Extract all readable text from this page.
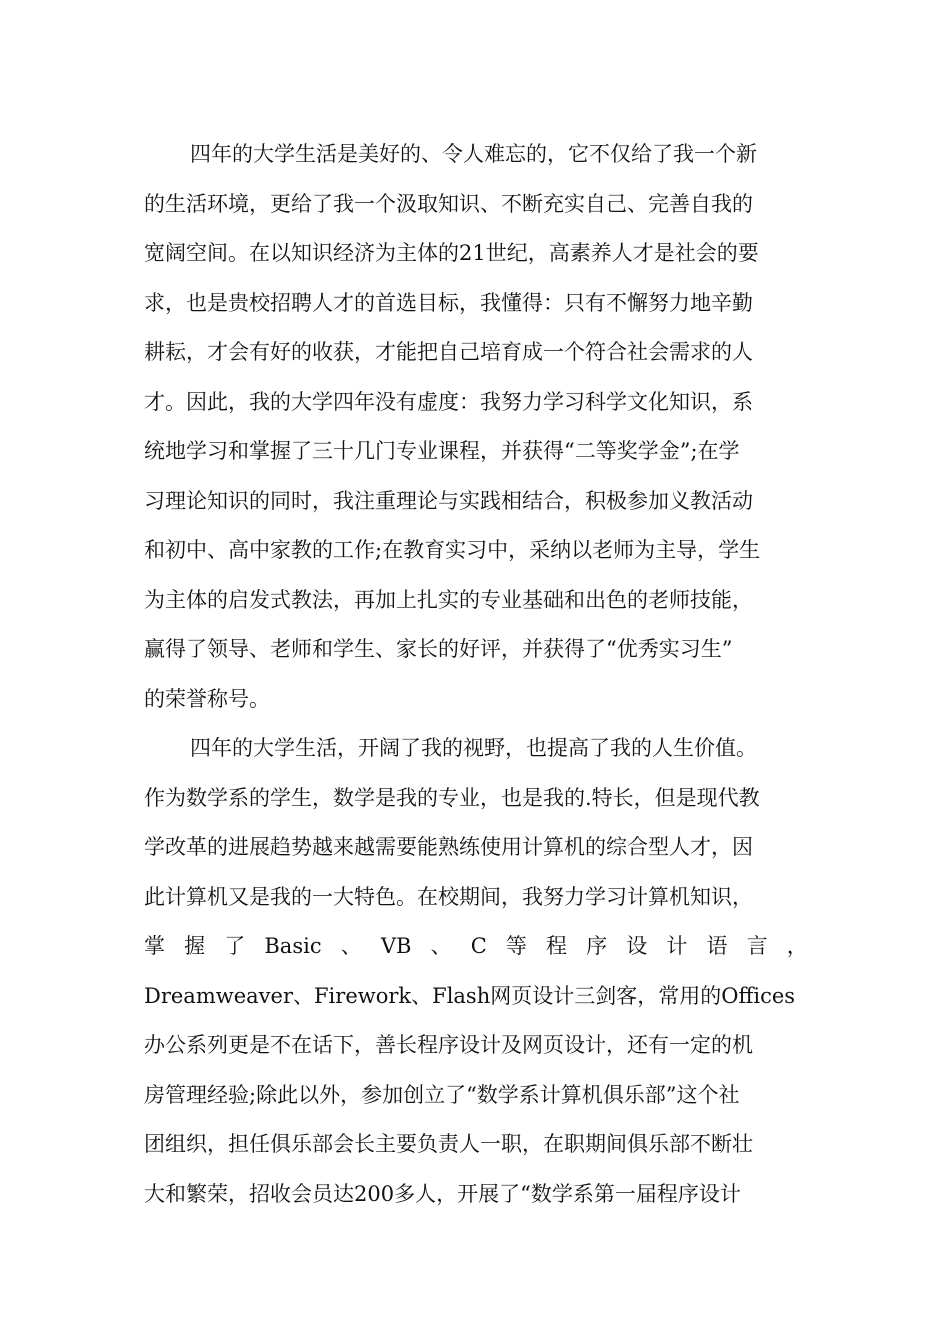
四年的大学生活是美好的、令人难忘的，它不仅给了我一个新
的生活环境，更给了我一个汲取知识、不断充实自己、完善自我的
宽阔空间。在以知识经济为主体的21世纪，高素养人才是社会的要
求，也是贵校招聘人才的首选目标，我懂得：只有不懈努力地辛勤
耕耘，才会有好的收获，才能把自己培育成一个符合社会需求的人
才。因此，我的大学四年没有虚度：我努力学习科学文化知识，系
统地学习和掌握了三十几门专业课程，并获得“二等奖学金”;在学
习理论知识的同时，我注重理论与实践相结合，积极参加义教活动
和初中、高中家教的工作;在教育实习中，采纳以老师为主导，学生
为主体的启发式教法，再加上扎实的专业基础和出色的老师技能，
赢得了领导、老师和学生、家长的好评，并获得了“优秀实习生”
的荣誉称号。
四年的大学生活，开阔了我的视野，也提高了我的人生价值。
作为数学系的学生，数学是我的专业，也是我的.特长，但是现代教
学改革的进展趋势越来越需要能熟练使用计算机的综合型人才，因
此计算机又是我的一大特色。在校期间，我努力学习计算机知识，
掌 握 了 Basic 、 VB 、 C 等 程 序 设 计 语 言 ，
Dreamweaver、Firework、Flash网页设计三剑客，常用的Offices
办公系列更是不在话下，善长程序设计及网页设计，还有一定的机
房管理经验;除此以外，参加创立了“数学系计算机俱乐部”这个社
团组织，担任俱乐部会长主要负责人一职，在职期间俱乐部不断壮
大和繁荣，招收会员达200多人，开展了“数学系第一届程序设计
